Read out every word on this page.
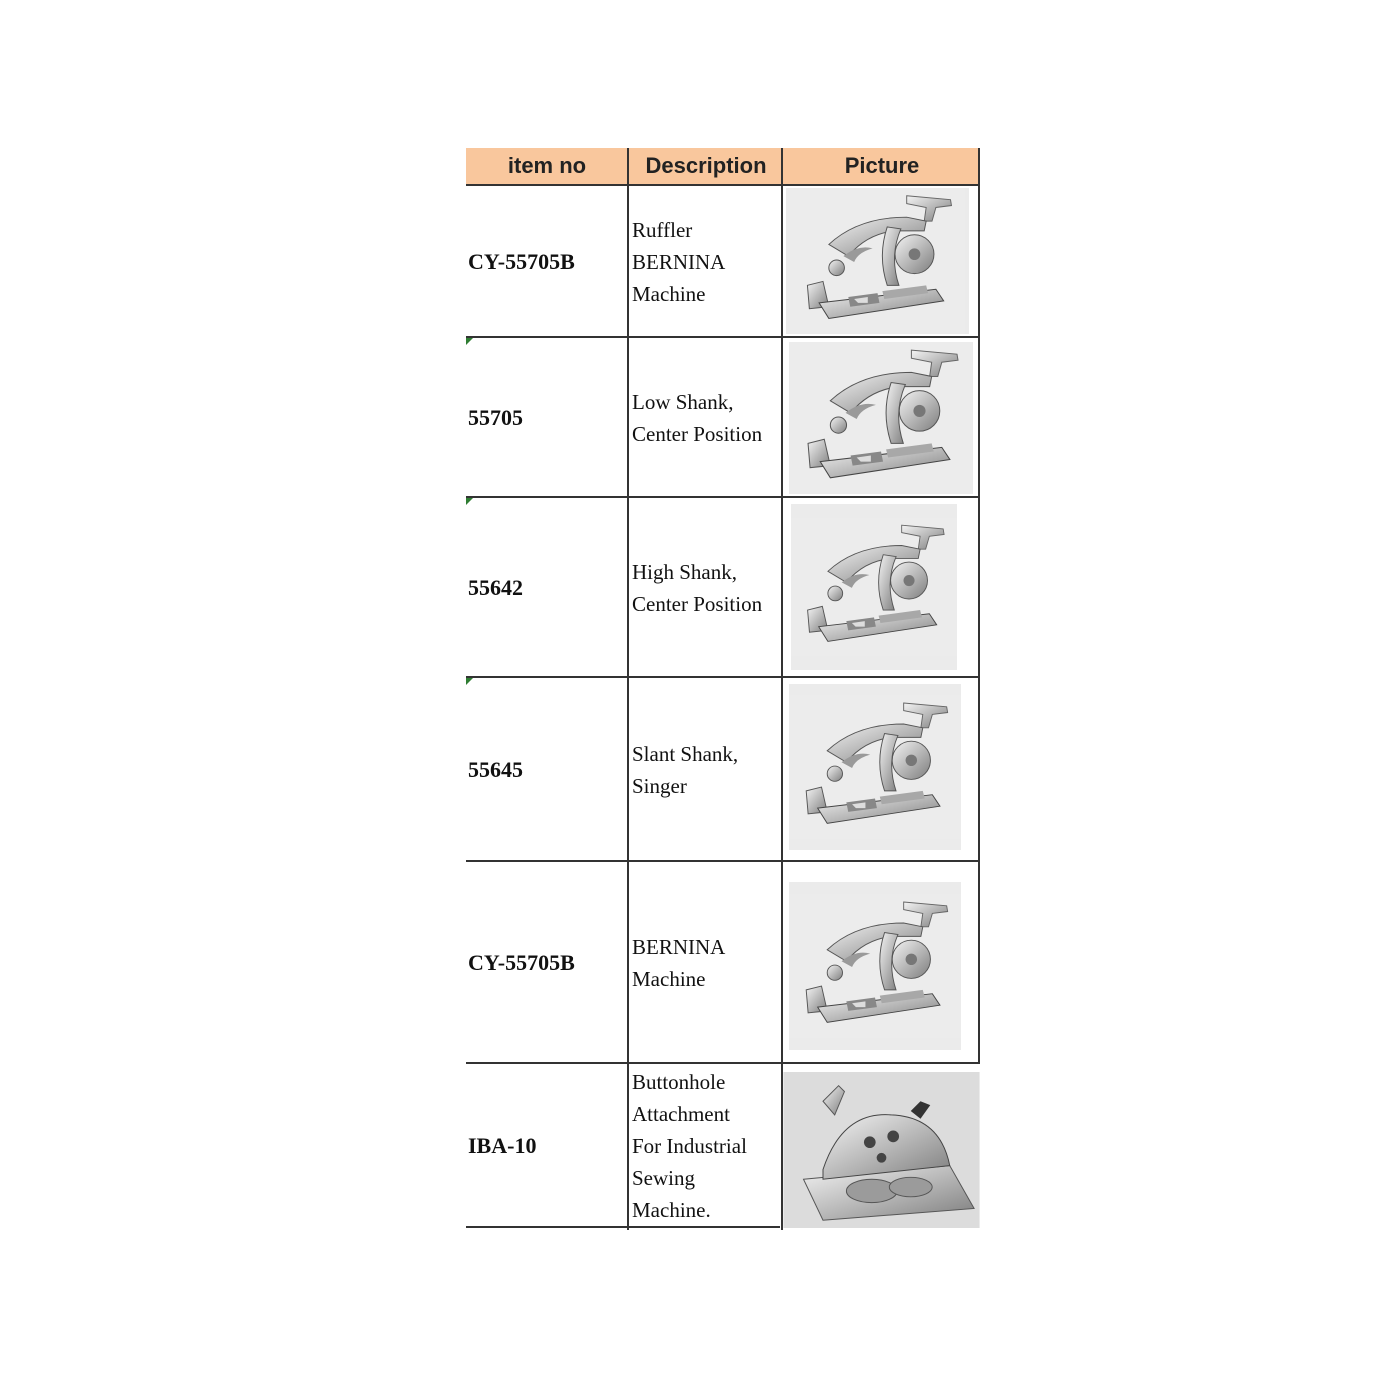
item no	Description	Picture
CY-55705B
Ruffler
BERNINA
Machine
55705
Low Shank,
Center Position
55642
High Shank,
Center Position
55645
Slant Shank,
Singer
CY-55705B
BERNINA
Machine
IBA-10
Buttonhole
Attachment
For Industrial
Sewing
Machine.
